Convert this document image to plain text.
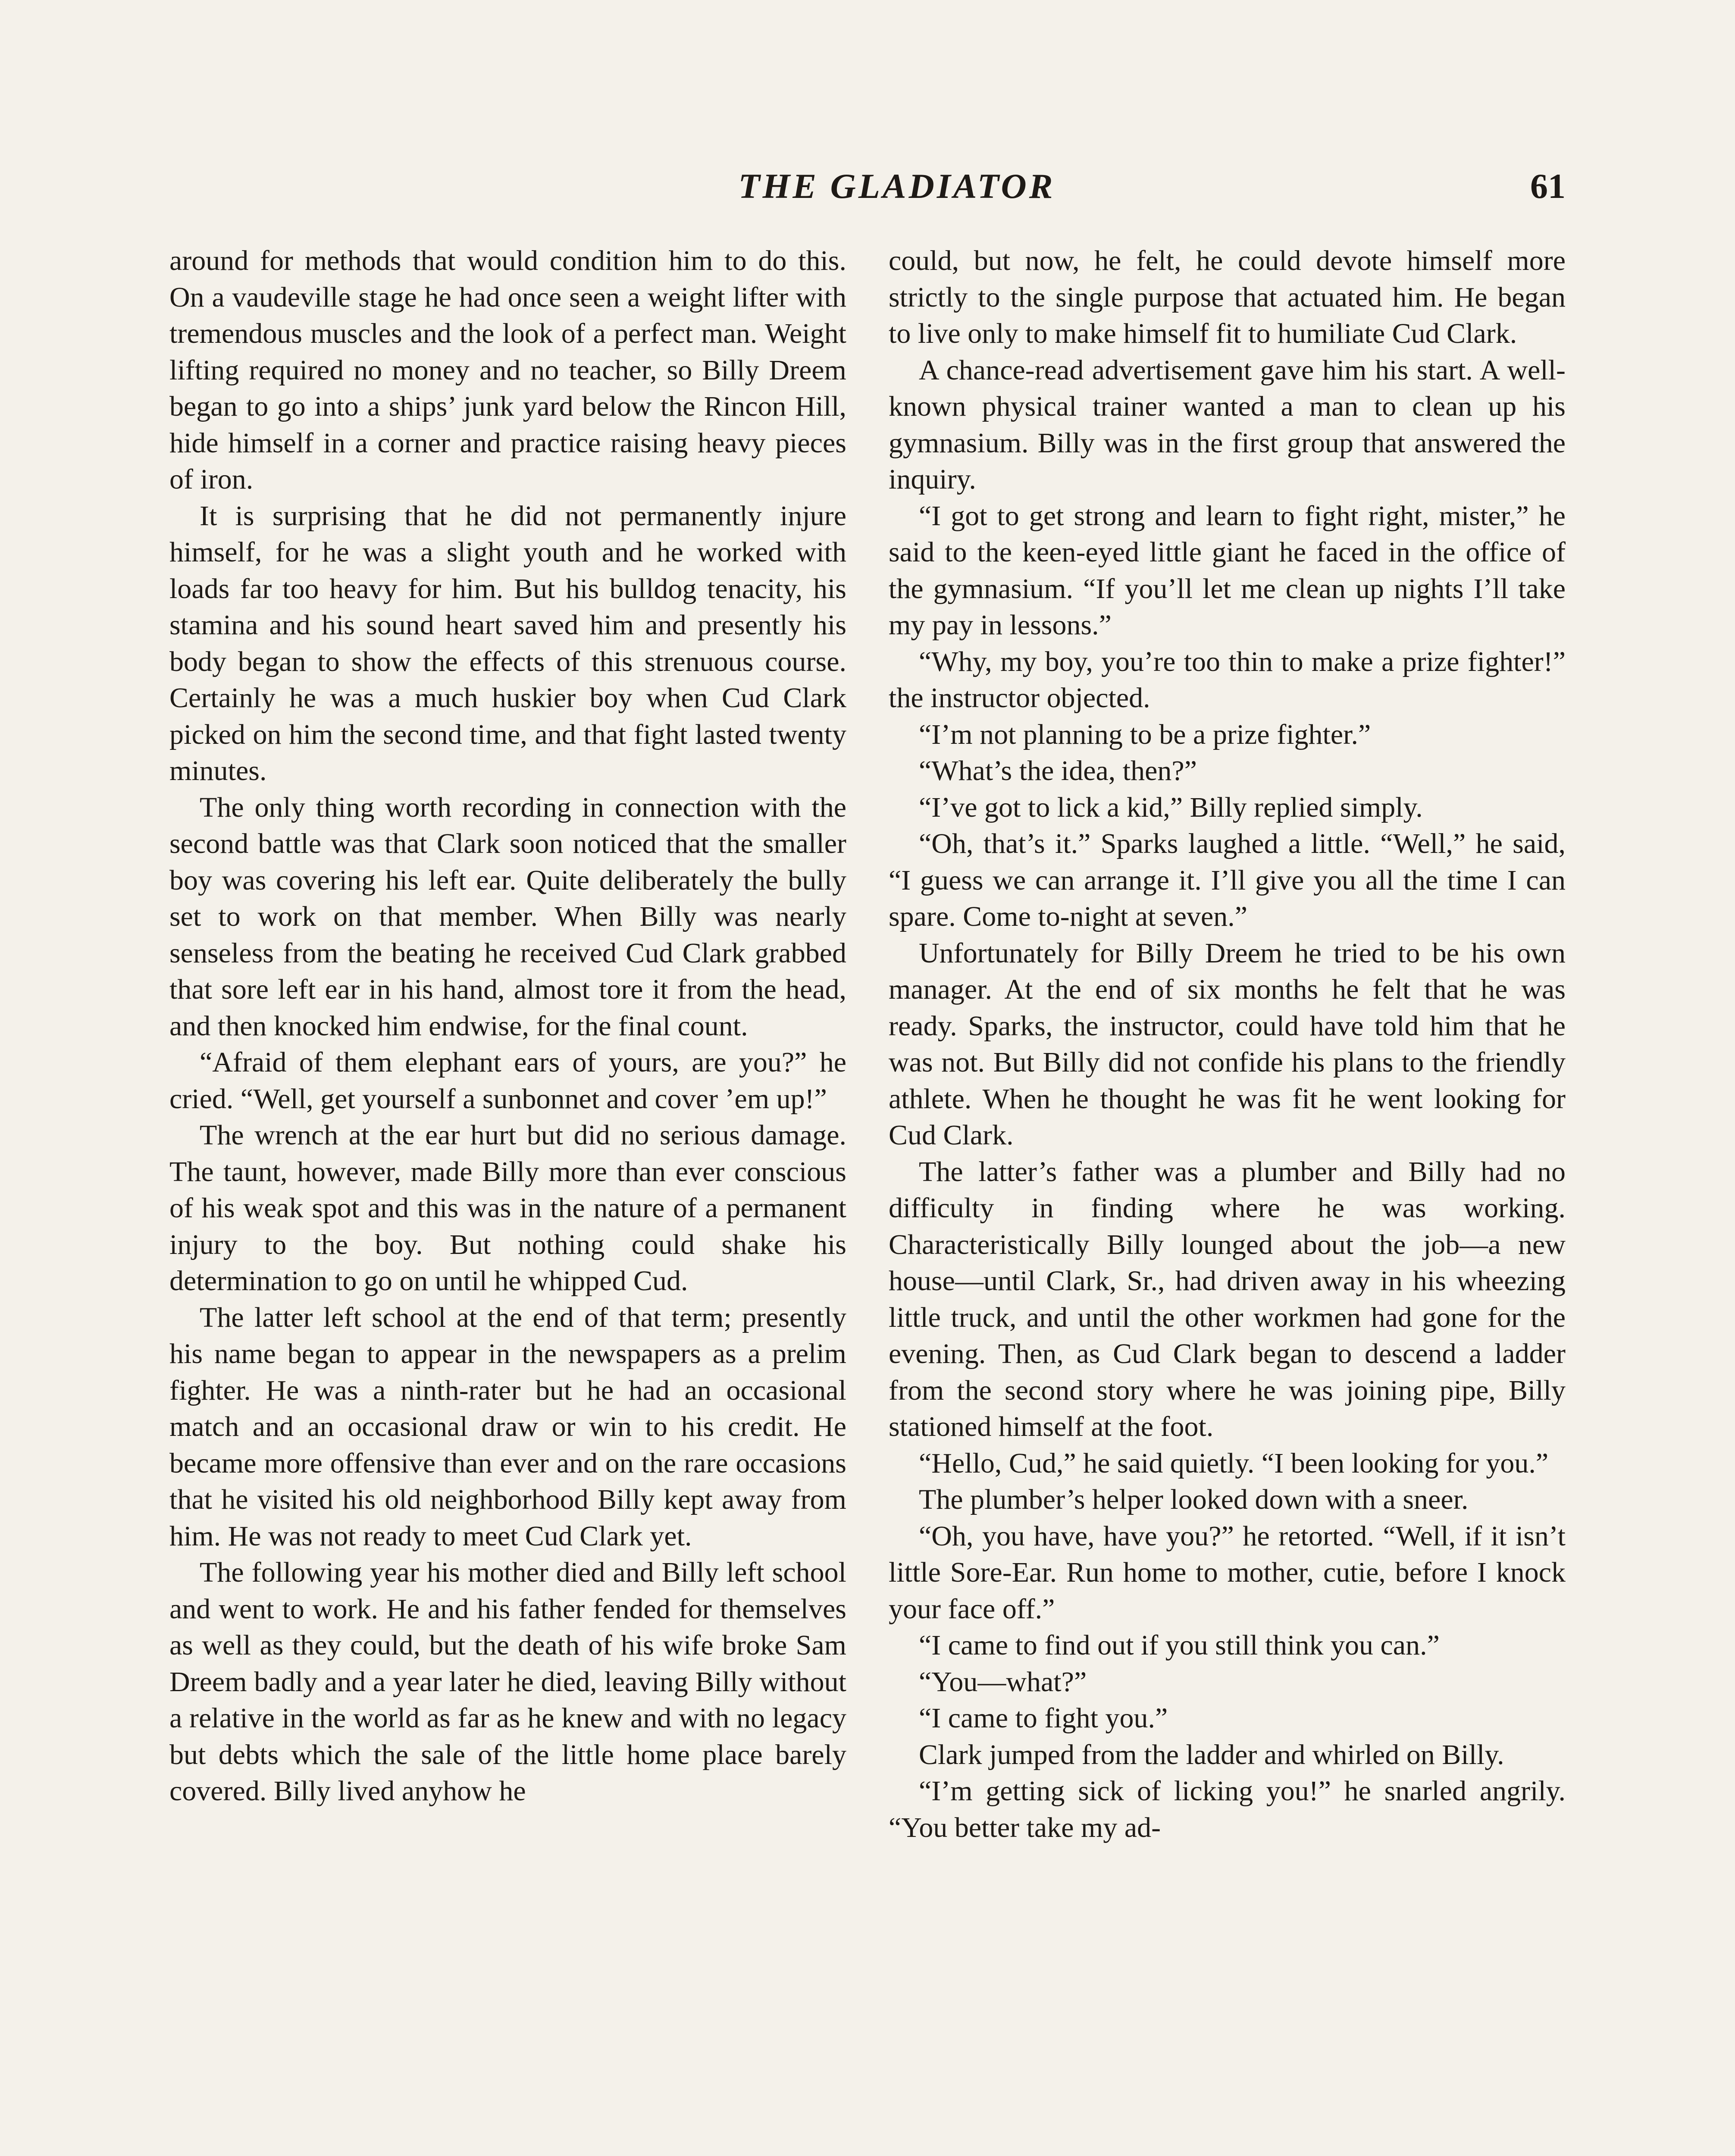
THE GLADIATOR	61

around for methods that would condition him to do this. On a vaudeville stage he had once seen a weight lifter with tremendous muscles and the look of a perfect man. Weight lifting required no money and no teacher, so Billy Dreem began to go into a ships’ junk yard below the Rincon Hill, hide himself in a corner and practice raising heavy pieces of iron.

It is surprising that he did not permanently injure himself, for he was a slight youth and he worked with loads far too heavy for him. But his bulldog tenacity, his stamina and his sound heart saved him and presently his body began to show the effects of this strenuous course. Certainly he was a much huskier boy when Cud Clark picked on him the second time, and that fight lasted twenty minutes.

The only thing worth recording in connection with the second battle was that Clark soon noticed that the smaller boy was covering his left ear. Quite deliberately the bully set to work on that member. When Billy was nearly senseless from the beating he received Cud Clark grabbed that sore left ear in his hand, almost tore it from the head, and then knocked him endwise, for the final count.

“Afraid of them elephant ears of yours, are you?” he cried. “Well, get yourself a sunbonnet and cover ’em up!”

The wrench at the ear hurt but did no serious damage. The taunt, however, made Billy more than ever conscious of his weak spot and this was in the nature of a permanent injury to the boy. But nothing could shake his determination to go on until he whipped Cud.

The latter left school at the end of that term; presently his name began to appear in the newspapers as a prelim fighter. He was a ninth-rater but he had an occasional match and an occasional draw or win to his credit. He became more offensive than ever and on the rare occasions that he visited his old neighborhood Billy kept away from him. He was not ready to meet Cud Clark yet.

The following year his mother died and Billy left school and went to work. He and his father fended for themselves as well as they could, but the death of his wife broke Sam Dreem badly and a year later he died, leaving Billy without a relative in the world as far as he knew and with no legacy but debts which the sale of the little home place barely covered. Billy lived anyhow he

could, but now, he felt, he could devote himself more strictly to the single purpose that actuated him. He began to live only to make himself fit to humiliate Cud Clark.

A chance-read advertisement gave him his start. A well-known physical trainer wanted a man to clean up his gymnasium. Billy was in the first group that answered the inquiry.

“I got to get strong and learn to fight right, mister,” he said to the keen-eyed little giant he faced in the office of the gymnasium. “If you’ll let me clean up nights I’ll take my pay in lessons.”

“Why, my boy, you’re too thin to make a prize fighter!” the instructor objected.

“I’m not planning to be a prize fighter.”

“What’s the idea, then?”

“I’ve got to lick a kid,” Billy replied simply.

“Oh, that’s it.” Sparks laughed a little. “Well,” he said, “I guess we can arrange it. I’ll give you all the time I can spare. Come to-night at seven.”

Unfortunately for Billy Dreem he tried to be his own manager. At the end of six months he felt that he was ready. Sparks, the instructor, could have told him that he was not. But Billy did not confide his plans to the friendly athlete. When he thought he was fit he went looking for Cud Clark.

The latter’s father was a plumber and Billy had no difficulty in finding where he was working. Characteristically Billy lounged about the job—a new house—until Clark, Sr., had driven away in his wheezing little truck, and until the other workmen had gone for the evening. Then, as Cud Clark began to descend a ladder from the second story where he was joining pipe, Billy stationed himself at the foot.

“Hello, Cud,” he said quietly. “I been looking for you.”

The plumber’s helper looked down with a sneer.

“Oh, you have, have you?” he retorted. “Well, if it isn’t little Sore-Ear. Run home to mother, cutie, before I knock your face off.”

“I came to find out if you still think you can.”

“You—what?”

“I came to fight you.”

Clark jumped from the ladder and whirled on Billy.

“I’m getting sick of licking you!” he snarled angrily. “You better take my ad-
